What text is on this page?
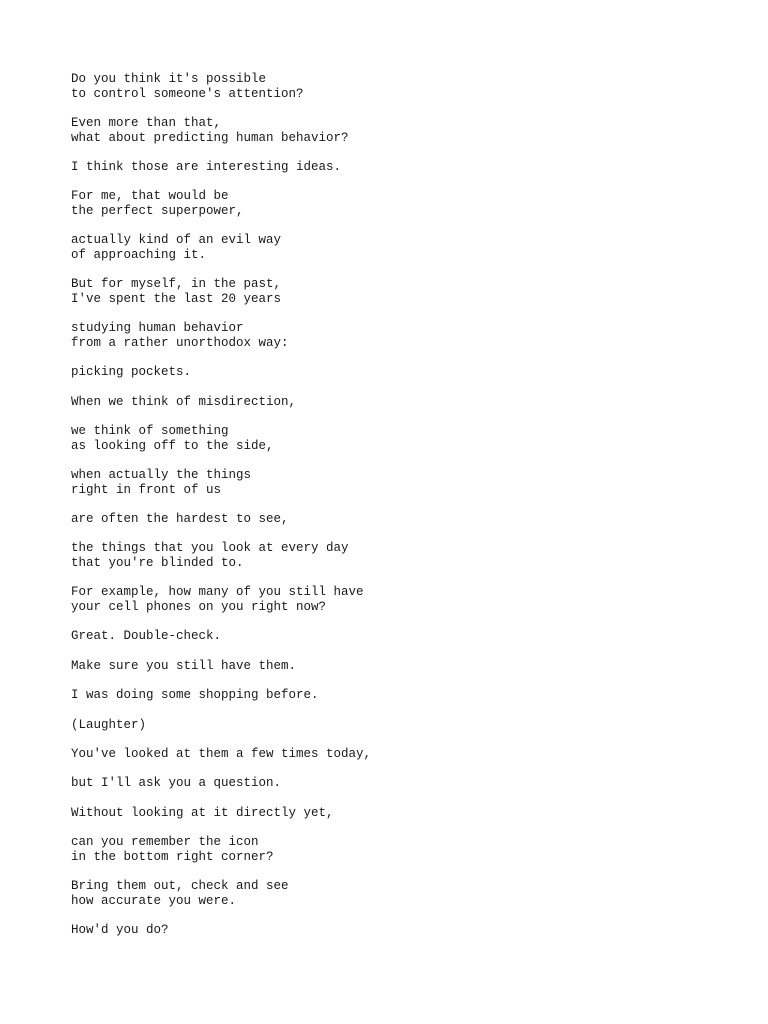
Do you think it's possible
to control someone's attention?
Even more than that,
what about predicting human behavior?
I think those are interesting ideas.
For me, that would be
the perfect superpower,
actually kind of an evil way
of approaching it.
But for myself, in the past,
I've spent the last 20 years
studying human behavior
from a rather unorthodox way:
picking pockets.
When we think of misdirection,
we think of something
as looking off to the side,
when actually the things
right in front of us
are often the hardest to see,
the things that you look at every day
that you're blinded to.
For example, how many of you still have
your cell phones on you right now?
Great. Double-check.
Make sure you still have them.
I was doing some shopping before.
(Laughter)
You've looked at them a few times today,
but I'll ask you a question.
Without looking at it directly yet,
can you remember the icon
in the bottom right corner?
Bring them out, check and see
how accurate you were.
How'd you do?
